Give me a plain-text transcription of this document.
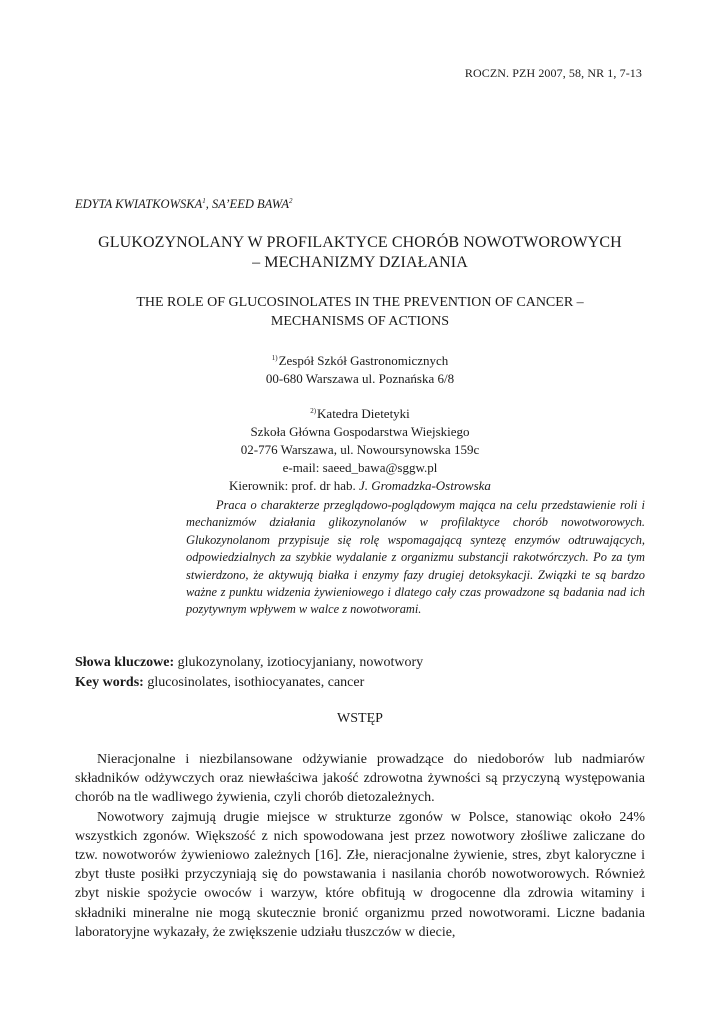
ROCZN. PZH 2007, 58, NR 1, 7-13
EDYTA KWIATKOWSKA$^1$, SA’EED BAWA$^2$
GLUKOZYNOLANY W PROFILAKTYCE CHORÓB NOWOTWOROWYCH
– MECHANIZMY DZIAŁANIA
THE ROLE OF GLUCOSINOLATES IN THE PREVENTION OF CANCER –
MECHANISMS OF ACTIONS
$^{1)}$Zespół Szkół Gastronomicznych
00-680 Warszawa ul. Poznańska 6/8
$^{2)}$Katedra Dietetyki
Szkoła Główna Gospodarstwa Wiejskiego
02-776 Warszawa, ul. Nowoursynowska 159c
e-mail: saeed_bawa@sggw.pl
Kierownik: prof. dr hab. J. Gromadzka-Ostrowska
Praca o charakterze przeglądowo-poglądowym mająca na celu przedstawienie roli i mechanizmów działania glikozynolanów w profilaktyce chorób nowotworowych. Glukozynolanom przypisuje się rolę wspomagającą syntezę enzymów odtruwających, odpowiedzialnych za szybkie wydalanie z organizmu substancji rakotwórczych. Po za tym stwierdzono, że aktywują białka i enzymy fazy drugiej detoksykacji. Związki te są bardzo ważne z punktu widzenia żywieniowego i dlatego cały czas prowadzone są badania nad ich pozytywnym wpływem w walce z nowotworami.
Słowa kluczowe: glukozynolany, izotiocyjaniany, nowotwory
Key words: glucosinolates, isothiocyanates, cancer
WSTĘP

Nieracjonalne i niezbilansowane odżywianie prowadzące do niedoborów lub nadmiarów składników odżywczych oraz niewłaściwa jakość zdrowotna żywności są przyczyną występowania chorób na tle wadliwego żywienia, czyli chorób dietozależnych.

Nowotwory zajmują drugie miejsce w strukturze zgonów w Polsce, stanowiąc około 24% wszystkich zgonów. Większość z nich spowodowana jest przez nowotwory złośliwe zaliczane do tzw. nowotworów żywieniowo zależnych [16]. Złe, nieracjonalne żywienie, stres, zbyt kaloryczne i zbyt tłuste posiłki przyczyniają się do powstawania i nasilania chorób nowotworowych. Również zbyt niskie spożycie owoców i warzyw, które obfitują w drogocenne dla zdrowia witaminy i składniki mineralne nie mogą skutecznie bronić organizmu przed nowotworami. Liczne badania laboratoryjne wykazały, że zwiększenie udziału tłuszczów w diecie,
